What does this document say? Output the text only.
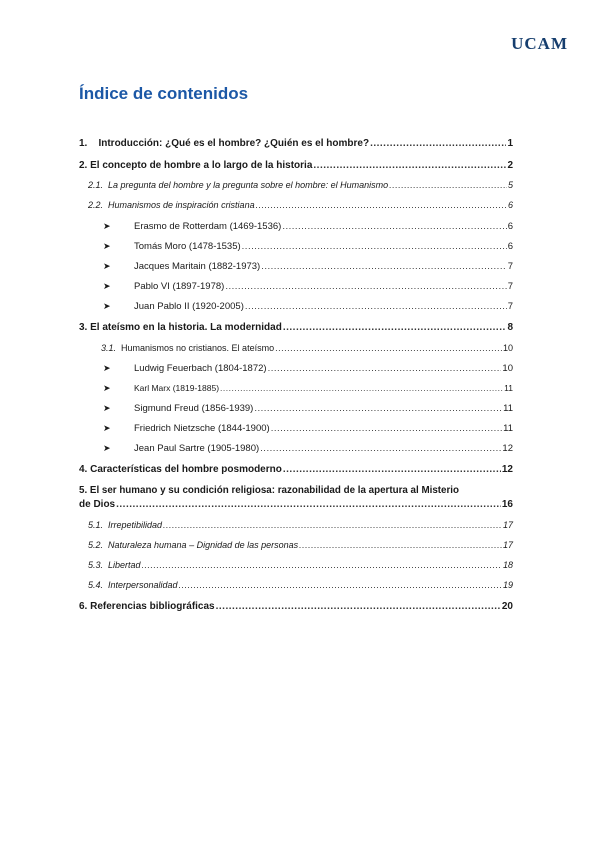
UCAM
Índice de contenidos
1. Introducción: ¿Qué es el hombre? ¿Quién es el hombre? .....	1
2. El concepto de hombre a lo largo de la historia .....	2
2.1. La pregunta del hombre y la pregunta sobre el hombre: el Humanismo .....	5
2.2. Humanismos de inspiración cristiana .....	6
➤	Erasmo de Rotterdam (1469-1536) .....	6
➤	Tomás Moro (1478-1535) .....	6
➤	Jacques Maritain (1882-1973) .....	7
➤	Pablo VI (1897-1978) .....	7
➤	Juan Pablo II (1920-2005) .....	7
3. El ateísmo en la historia. La modernidad .....	8
3.1. Humanismos no cristianos. El ateísmo .....	10
➤	Ludwig Feuerbach (1804-1872) .....	10
➤	Karl Marx (1819-1885) .....	11
➤	Sigmund Freud (1856-1939) .....	11
➤	Friedrich Nietzsche (1844-1900) .....	11
➤	Jean Paul Sartre (1905-1980) .....	12
4. Características del hombre posmoderno .....	12
5. El ser humano y su condición religiosa: razonabilidad de la apertura al Misterio
de Dios .....	16
5.1. Irrepetibilidad .....	17
5.2. Naturaleza humana – Dignidad de las personas .....	17
5.3. Libertad .....	18
5.4. Interpersonalidad .....	19
6. Referencias bibliográficas .....	20
